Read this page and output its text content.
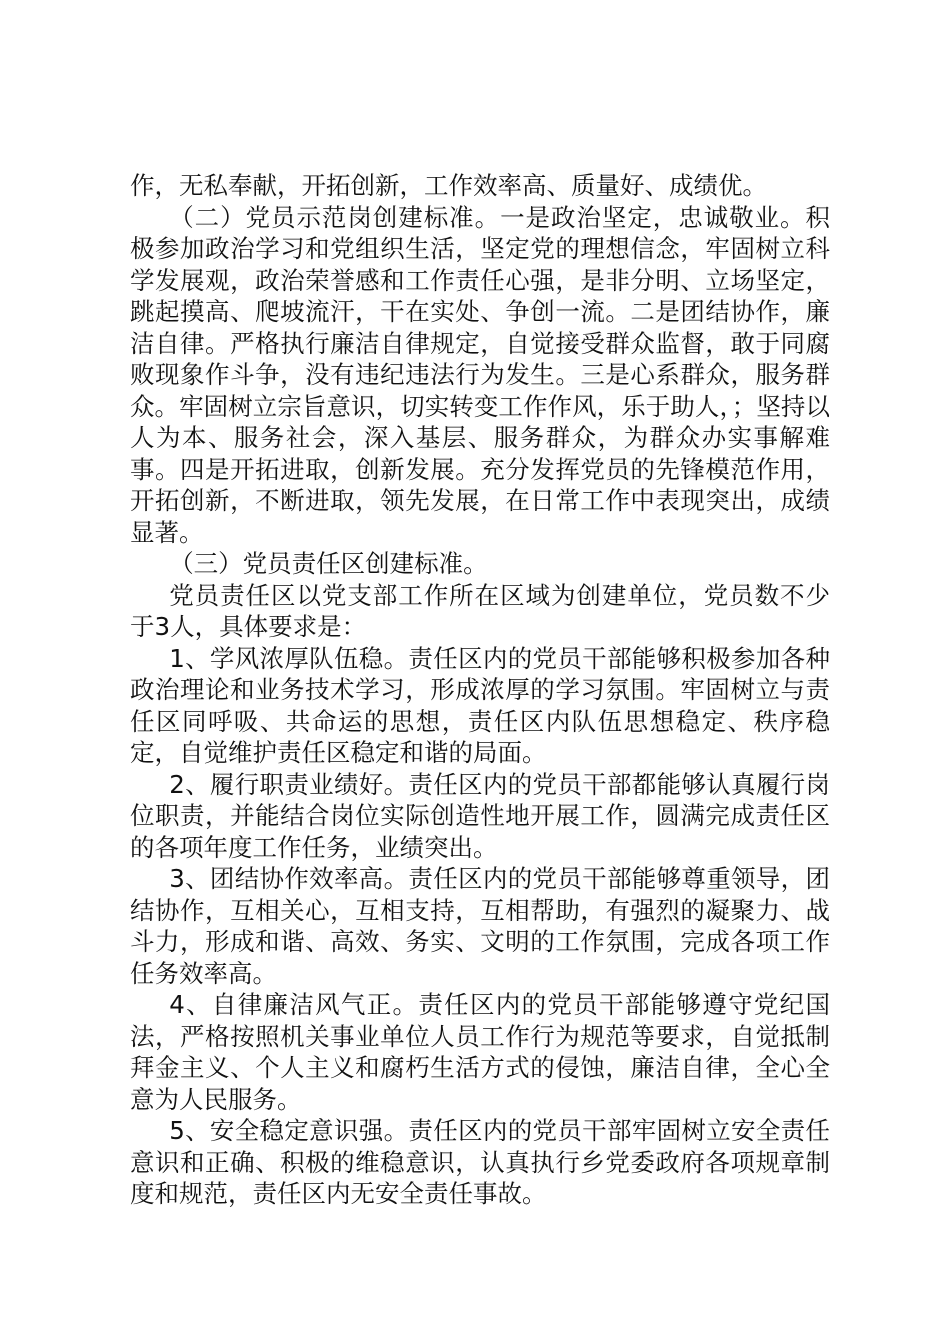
作，无私奉献，开拓创新，工作效率高、质量好、成绩优。

（二）党员示范岗创建标准。一是政治坚定，忠诚敬业。积极参加政治学习和党组织生活，坚定党的理想信念，牢固树立科学发展观，政治荣誉感和工作责任心强，是非分明、立场坚定，跳起摸高、爬坡流汗，干在实处、争创一流。二是团结协作，廉洁自律。严格执行廉洁自律规定，自觉接受群众监督，敢于同腐败现象作斗争，没有违纪违法行为发生。三是心系群众，服务群众。牢固树立宗旨意识，切实转变工作作风，乐于助人，；坚持以人为本、服务社会，深入基层、服务群众，为群众办实事解难事。四是开拓进取，创新发展。充分发挥党员的先锋模范作用，开拓创新，不断进取，领先发展，在日常工作中表现突出，成绩显著。

（三）党员责任区创建标准。

党员责任区以党支部工作所在区域为创建单位，党员数不少于3人，具体要求是：

1、学风浓厚队伍稳。责任区内的党员干部能够积极参加各种政治理论和业务技术学习，形成浓厚的学习氛围。牢固树立与责任区同呼吸、共命运的思想，责任区内队伍思想稳定、秩序稳定，自觉维护责任区稳定和谐的局面。

2、履行职责业绩好。责任区内的党员干部都能够认真履行岗位职责，并能结合岗位实际创造性地开展工作，圆满完成责任区的各项年度工作任务，业绩突出。

3、团结协作效率高。责任区内的党员干部能够尊重领导，团结协作，互相关心，互相支持，互相帮助，有强烈的凝聚力、战斗力，形成和谐、高效、务实、文明的工作氛围，完成各项工作任务效率高。

4、自律廉洁风气正。责任区内的党员干部能够遵守党纪国法，严格按照机关事业单位人员工作行为规范等要求，自觉抵制拜金主义、个人主义和腐朽生活方式的侵蚀，廉洁自律，全心全意为人民服务。

5、安全稳定意识强。责任区内的党员干部牢固树立安全责任意识和正确、积极的维稳意识，认真执行乡党委政府各项规章制度和规范，责任区内无安全责任事故。
